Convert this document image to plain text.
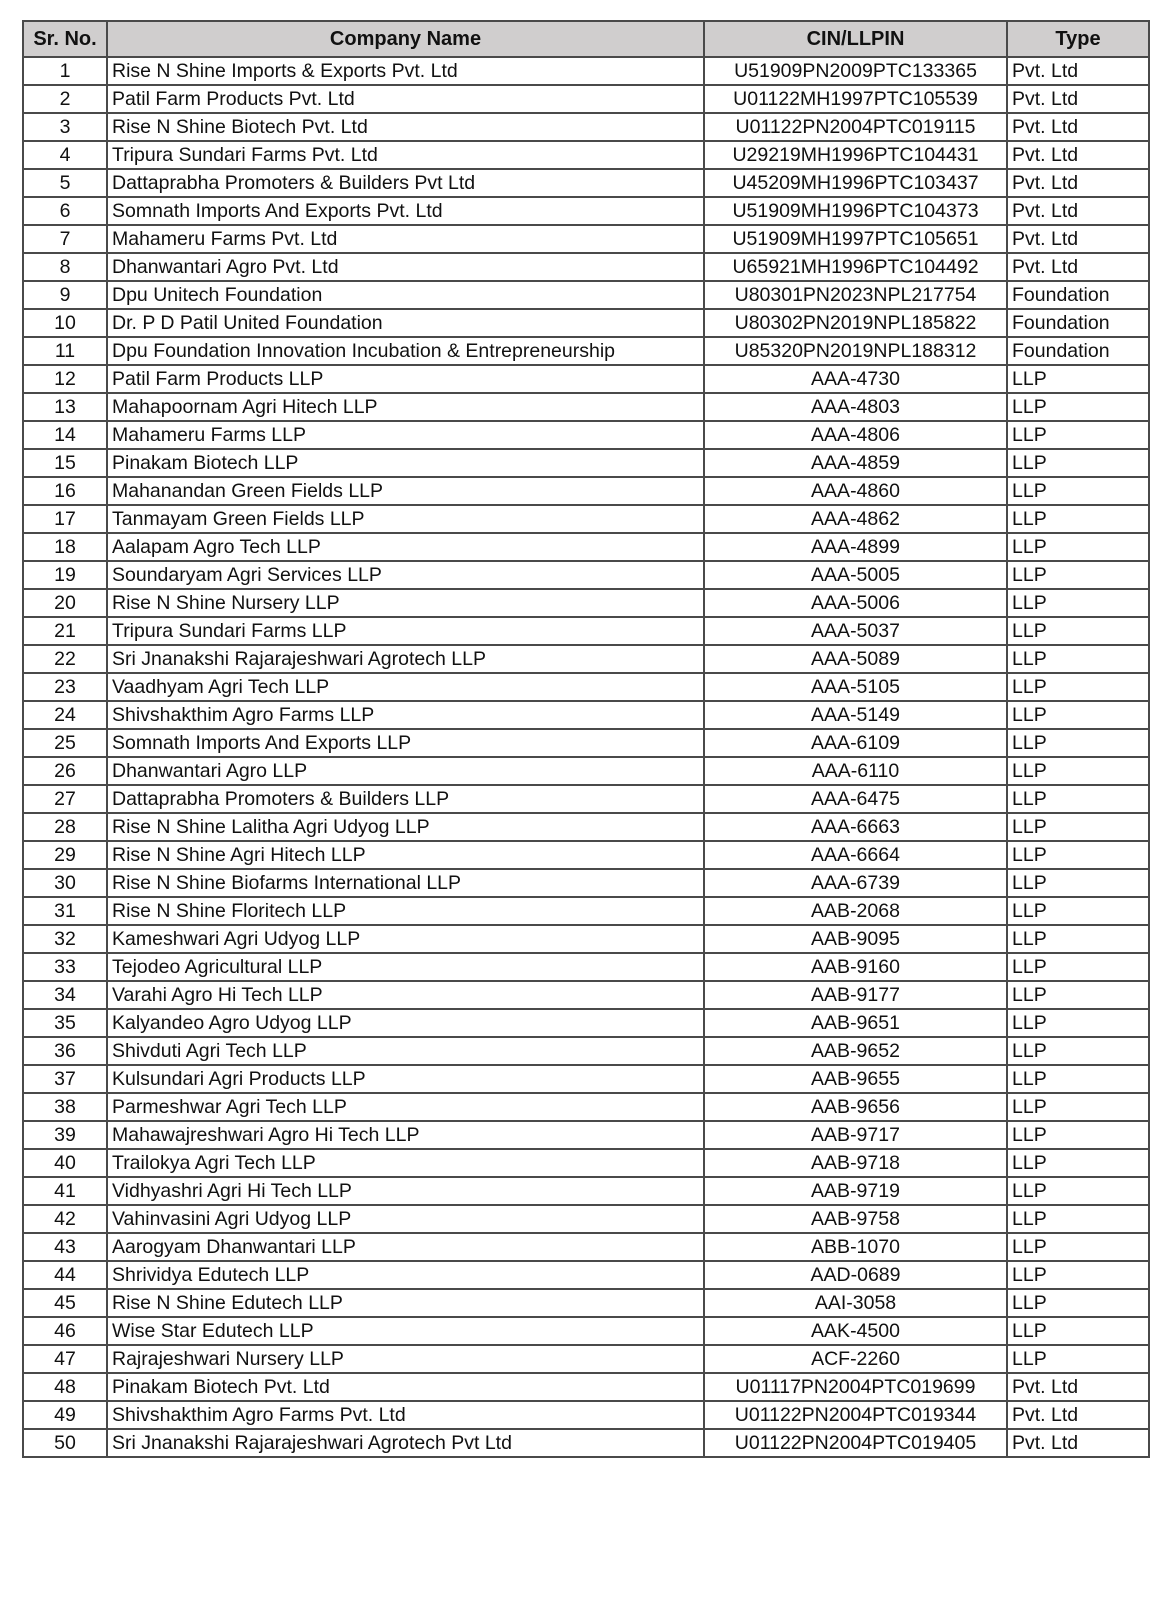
Sr. No.	Company Name	CIN/LLPIN	Type
1	Rise N Shine Imports & Exports Pvt. Ltd	U51909PN2009PTC133365	Pvt. Ltd
2	Patil Farm Products Pvt. Ltd	U01122MH1997PTC105539	Pvt. Ltd
3	Rise N Shine Biotech Pvt. Ltd	U01122PN2004PTC019115	Pvt. Ltd
4	Tripura Sundari Farms Pvt. Ltd	U29219MH1996PTC104431	Pvt. Ltd
5	Dattaprabha Promoters & Builders Pvt Ltd	U45209MH1996PTC103437	Pvt. Ltd
6	Somnath Imports And Exports Pvt. Ltd	U51909MH1996PTC104373	Pvt. Ltd
7	Mahameru Farms Pvt. Ltd	U51909MH1997PTC105651	Pvt. Ltd
8	Dhanwantari Agro Pvt. Ltd	U65921MH1996PTC104492	Pvt. Ltd
9	Dpu Unitech Foundation	U80301PN2023NPL217754	Foundation
10	Dr. P D Patil United Foundation	U80302PN2019NPL185822	Foundation
11	Dpu Foundation Innovation Incubation & Entrepreneurship	U85320PN2019NPL188312	Foundation
12	Patil Farm Products LLP	AAA-4730	LLP
13	Mahapoornam Agri Hitech LLP	AAA-4803	LLP
14	Mahameru Farms LLP	AAA-4806	LLP
15	Pinakam Biotech LLP	AAA-4859	LLP
16	Mahanandan Green Fields LLP	AAA-4860	LLP
17	Tanmayam Green Fields LLP	AAA-4862	LLP
18	Aalapam Agro Tech LLP	AAA-4899	LLP
19	Soundaryam Agri Services LLP	AAA-5005	LLP
20	Rise N Shine Nursery LLP	AAA-5006	LLP
21	Tripura Sundari Farms LLP	AAA-5037	LLP
22	Sri Jnanakshi Rajarajeshwari Agrotech LLP	AAA-5089	LLP
23	Vaadhyam Agri Tech LLP	AAA-5105	LLP
24	Shivshakthim Agro Farms LLP	AAA-5149	LLP
25	Somnath Imports And Exports LLP	AAA-6109	LLP
26	Dhanwantari Agro LLP	AAA-6110	LLP
27	Dattaprabha Promoters & Builders LLP	AAA-6475	LLP
28	Rise N Shine Lalitha Agri Udyog LLP	AAA-6663	LLP
29	Rise N Shine Agri Hitech LLP	AAA-6664	LLP
30	Rise N Shine Biofarms International LLP	AAA-6739	LLP
31	Rise N Shine Floritech LLP	AAB-2068	LLP
32	Kameshwari Agri Udyog LLP	AAB-9095	LLP
33	Tejodeo Agricultural LLP	AAB-9160	LLP
34	Varahi Agro Hi Tech LLP	AAB-9177	LLP
35	Kalyandeo Agro Udyog LLP	AAB-9651	LLP
36	Shivduti Agri Tech LLP	AAB-9652	LLP
37	Kulsundari Agri Products LLP	AAB-9655	LLP
38	Parmeshwar Agri Tech LLP	AAB-9656	LLP
39	Mahawajreshwari Agro Hi Tech LLP	AAB-9717	LLP
40	Trailokya Agri Tech LLP	AAB-9718	LLP
41	Vidhyashri Agri Hi Tech LLP	AAB-9719	LLP
42	Vahinvasini Agri Udyog LLP	AAB-9758	LLP
43	Aarogyam Dhanwantari LLP	ABB-1070	LLP
44	Shrividya Edutech LLP	AAD-0689	LLP
45	Rise N Shine Edutech LLP	AAI-3058	LLP
46	Wise Star Edutech LLP	AAK-4500	LLP
47	Rajrajeshwari Nursery LLP	ACF-2260	LLP
48	Pinakam Biotech Pvt. Ltd	U01117PN2004PTC019699	Pvt. Ltd
49	Shivshakthim Agro Farms Pvt. Ltd	U01122PN2004PTC019344	Pvt. Ltd
50	Sri Jnanakshi Rajarajeshwari Agrotech Pvt Ltd	U01122PN2004PTC019405	Pvt. Ltd
